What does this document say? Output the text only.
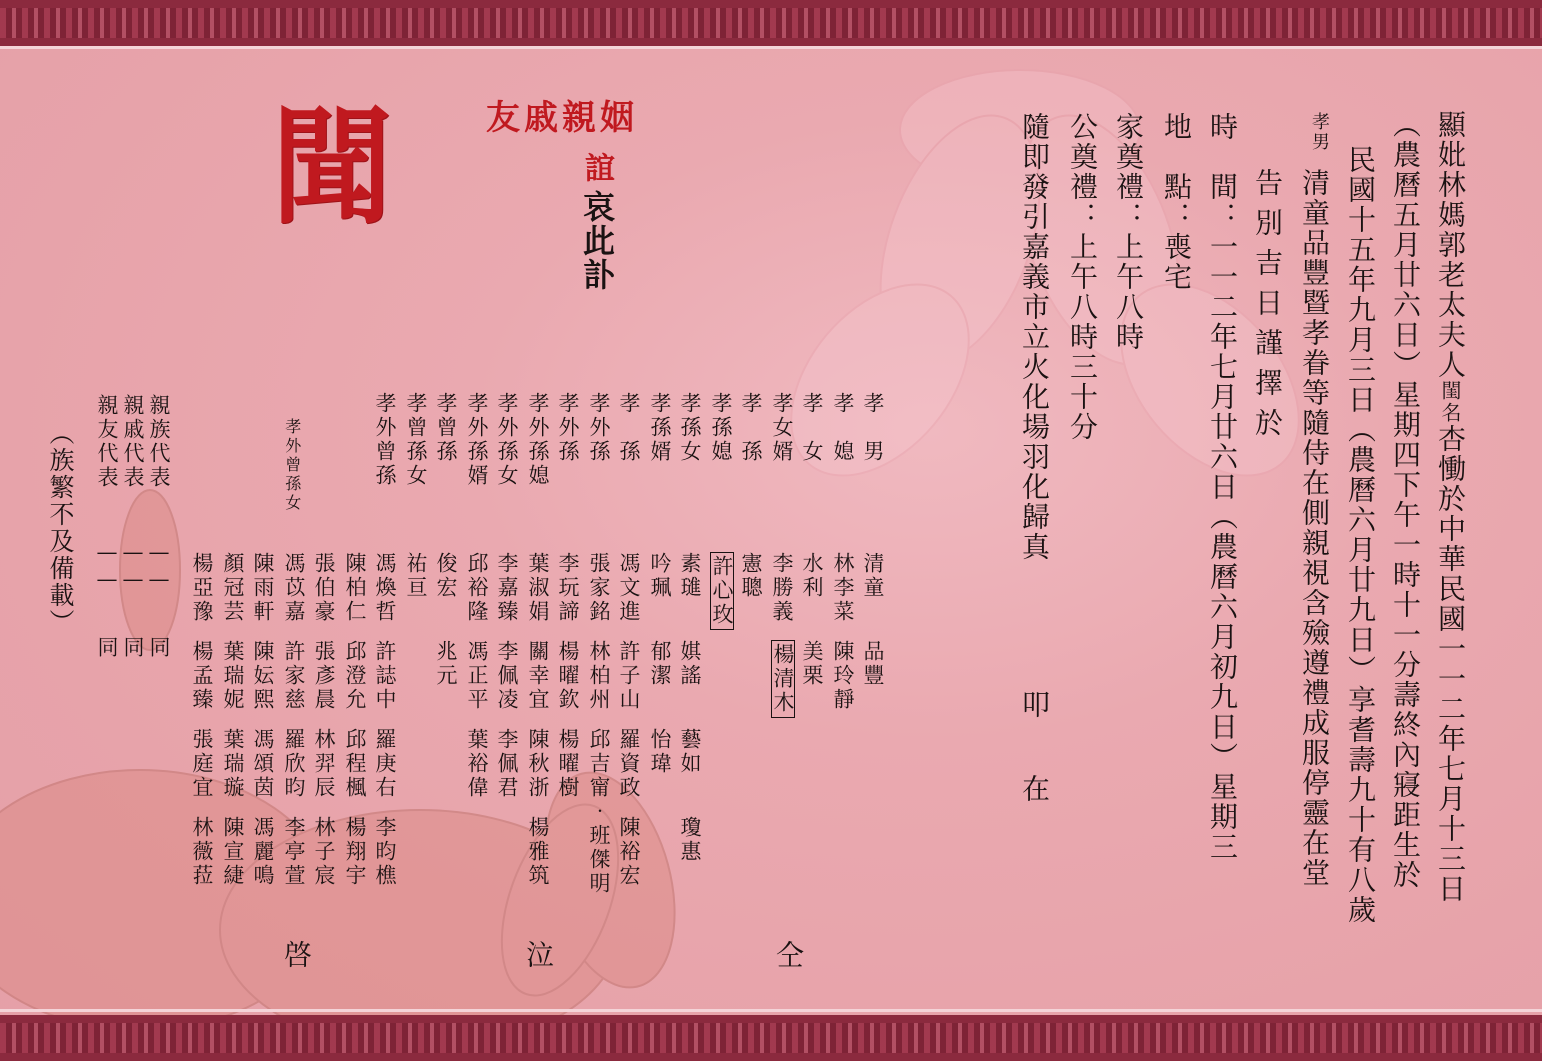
聞	友戚親姻
誼
哀此訃	顯妣林媽郭老太夫人閨名杏慟於中華民國一一二年七月十三日
（農曆五月廿六日）星期四下午一時十一分壽終內寢距生於
民國十五年九月三日（農曆六月廿九日）享耆壽九十有八歲
孝男
清童品豐暨孝眷等隨侍在側親視含殮遵禮成服停靈在堂
告別吉日謹擇於
時　間：一一二年七月廿六日（農曆六月初九日）星期三
地　點：喪宅
家奠禮：上午八時
公奠禮：上午八時三十分
隨即發引嘉義市立火化場羽化歸真
叩　在
孝　男
清童
品豐
孝　媳
林李菜
陳玲靜
孝　女
水利
美栗
孝女婿
李勝義
楊清木
孝　孫
憲聰
孝孫媳
許心玫
孝孫女
素璡
娸謠
藝如
瓊惠
孝孫婿
吟珮
郁潔
怡瑋
孝　孫
馮文進
許子山
羅資政
陳裕宏
孝外孫
張家銘
林柏州
邱吉甯‧班傑明
孝外孫
李玩諦
楊曜欽
楊曜樹
孝外孫媳
葉淑娟
關幸宜
陳秋浙
楊雅筑
孝外孫女
李嘉臻
李佩凌
李佩君
孝外孫婿
邱裕隆
馮正平
葉裕偉
孝曾孫
俊宏
兆元
孝曾孫女
祐亘
孝外曾孫
馮煥哲
許誌中
羅庚右
李昀樵
陳柏仁
邱澄允
邱程楓
楊翔宇
張伯豪
張彥晨
林羿辰
林子宸
孝外曾孫女
馮苡嘉
許家慈
羅欣昀
李亭萱
陳雨軒
陳妘熙
馮頌茵
馮麗鳴
顏冠芸
葉瑞妮
葉瑞璇
陳宣緁
楊亞豫
楊孟臻
張庭宜
林薇菈
親族代表
親戚代表
親友代表
——
——
——
同
同
同
（族繁不及備載）
仝
泣
啓
